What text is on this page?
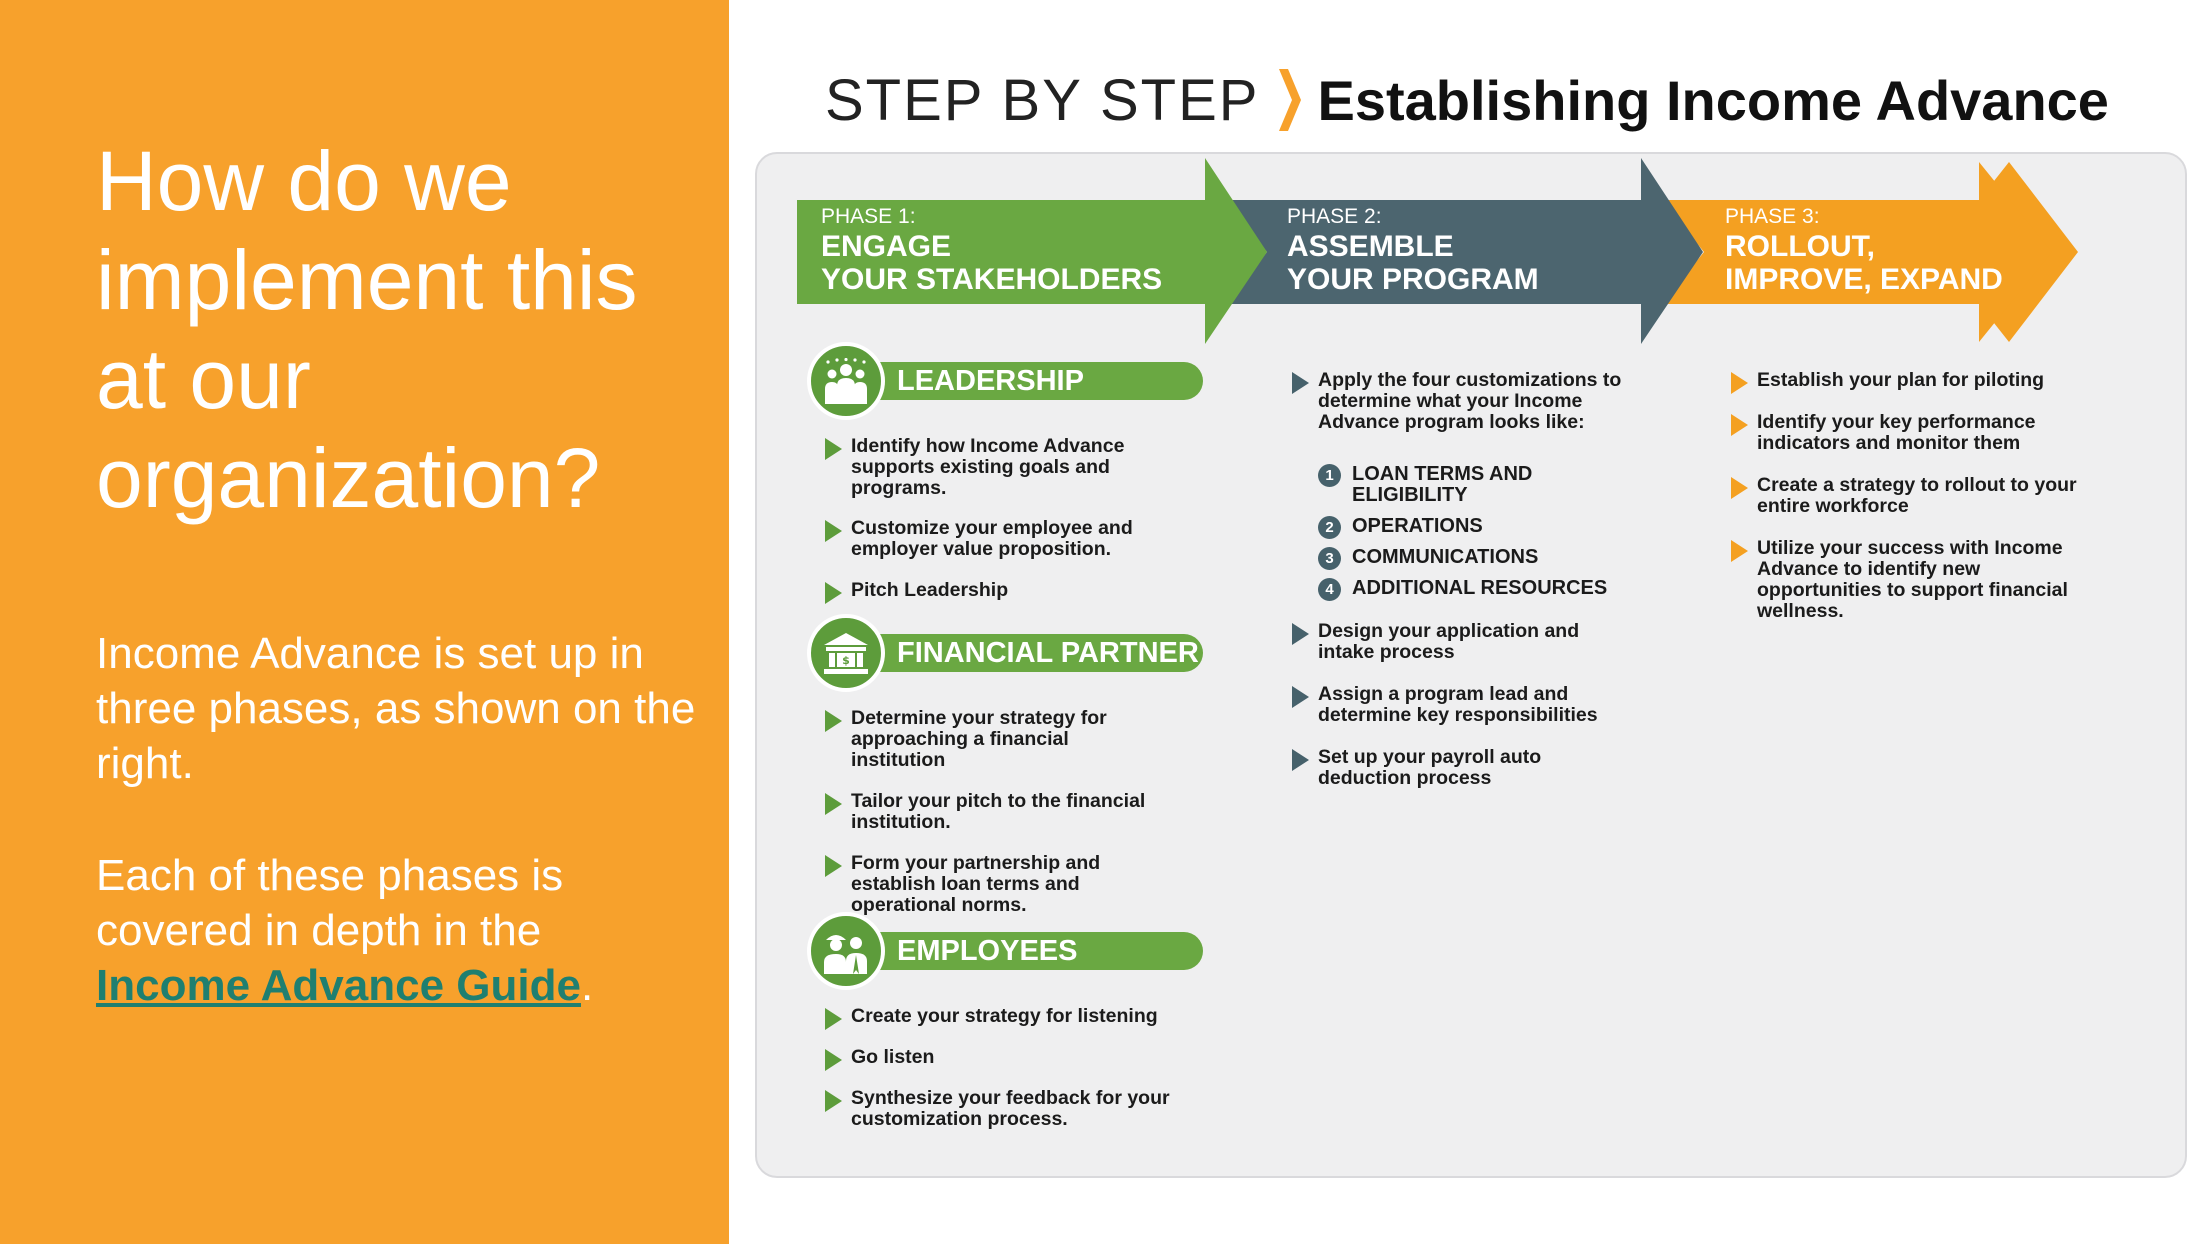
How do we
implement this
at our
organization?

Income Advance is set up in three phases, as shown on the right.

Each of these phases is covered in depth in the Income Advance Guide.

STEP BY STEP Establishing Income Advance
PHASE 1:
ENGAGE
YOUR STAKEHOLDERS
PHASE 2:
ASSEMBLE
YOUR PROGRAM
PHASE 3:
ROLLOUT,
IMPROVE, EXPAND
LEADERSHIP
Identify how Income Advance supports existing goals and programs.
Customize your employee and employer value proposition.
Pitch Leadership
FINANCIAL PARTNER
$
Determine your strategy for approaching a financial institution
Tailor your pitch to the financial institution.
Form your partnership and establish loan terms and operational norms.
EMPLOYEES
Create your strategy for listening
Go listen
Synthesize your feedback for your customization process.
Apply the four customizations to determine what your Income Advance program looks like:
1 LOAN TERMS AND ELIGIBILITY
2 OPERATIONS
3 COMMUNICATIONS
4 ADDITIONAL RESOURCES
Design your application and intake process
Assign a program lead and determine key responsibilities
Set up your payroll auto deduction process
Establish your plan for piloting
Identify your key performance indicators and monitor them
Create a strategy to rollout to your entire workforce
Utilize your success with Income Advance to identify new opportunities to support financial wellness.
